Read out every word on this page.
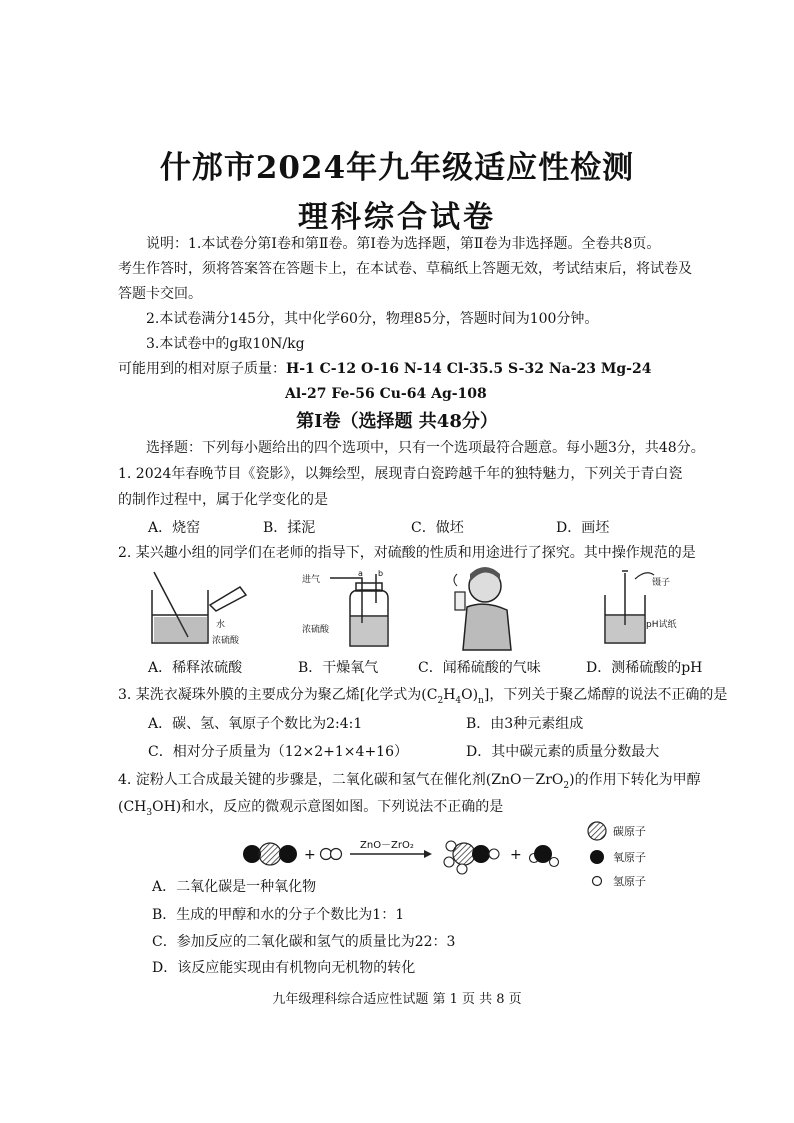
什邡市2024年九年级适应性检测
理科综合试卷
说明：1.本试卷分第Ⅰ卷和第Ⅱ卷。第Ⅰ卷为选择题，第Ⅱ卷为非选择题。全卷共8页。
考生作答时，须将答案答在答题卡上，在本试卷、草稿纸上答题无效，考试结束后，将试卷及
答题卡交回。
2.本试卷满分145分，其中化学60分，物理85分，答题时间为100分钟。
3.本试卷中的g取10N/kg
可能用到的相对原子质量：H-1 C-12 O-16 N-14 Cl-35.5 S-32 Na-23 Mg-24
Al-27 Fe-56 Cu-64 Ag-108
第Ⅰ卷（选择题 共48分）
选择题：下列每小题给出的四个选项中，只有一个选项最符合题意。每小题3分，共48分。
1. 2024年春晚节目《瓷影》，以舞绘型，展现青白瓷跨越千年的独特魅力，下列关于青白瓷
的制作过程中，属于化学变化的是
A．烧窑	B．揉泥	C．做坯	D．画坯
2. 某兴趣小组的同学们在老师的指导下，对硫酸的性质和用途进行了探究。其中操作规范的是
水
浓硫酸
进气
a b
浓硫酸
镊子
pH试纸
A．稀释浓硫酸	B．干燥氧气	C．闻稀硫酸的气味	D．测稀硫酸的pH
3. 某洗衣凝珠外膜的主要成分为聚乙烯[化学式为$(C_2H_4O)_n$]，下列关于聚乙烯醇的说法不正确的是
A．碳、氢、氧原子个数比为2:4:1	B．由3种元素组成
C．相对分子质量为（12×2+1×4+16）	D．其中碳元素的质量分数最大
4. 淀粉人工合成最关键的步骤是，二氧化碳和氢气在催化剂(ZnO－ZrO$_2$)的作用下转化为甲醇
$(CH_3OH)$和水，反应的微观示意图如图。下列说法不正确的是
+
ZnO－ZrO₂
+
碳原子
氧原子
氢原子
A．二氧化碳是一种氧化物
B．生成的甲醇和水的分子个数比为1：1
C．参加反应的二氧化碳和氢气的质量比为22：3
D．该反应能实现由有机物向无机物的转化
九年级理科综合适应性试题 第 1 页 共 8 页
